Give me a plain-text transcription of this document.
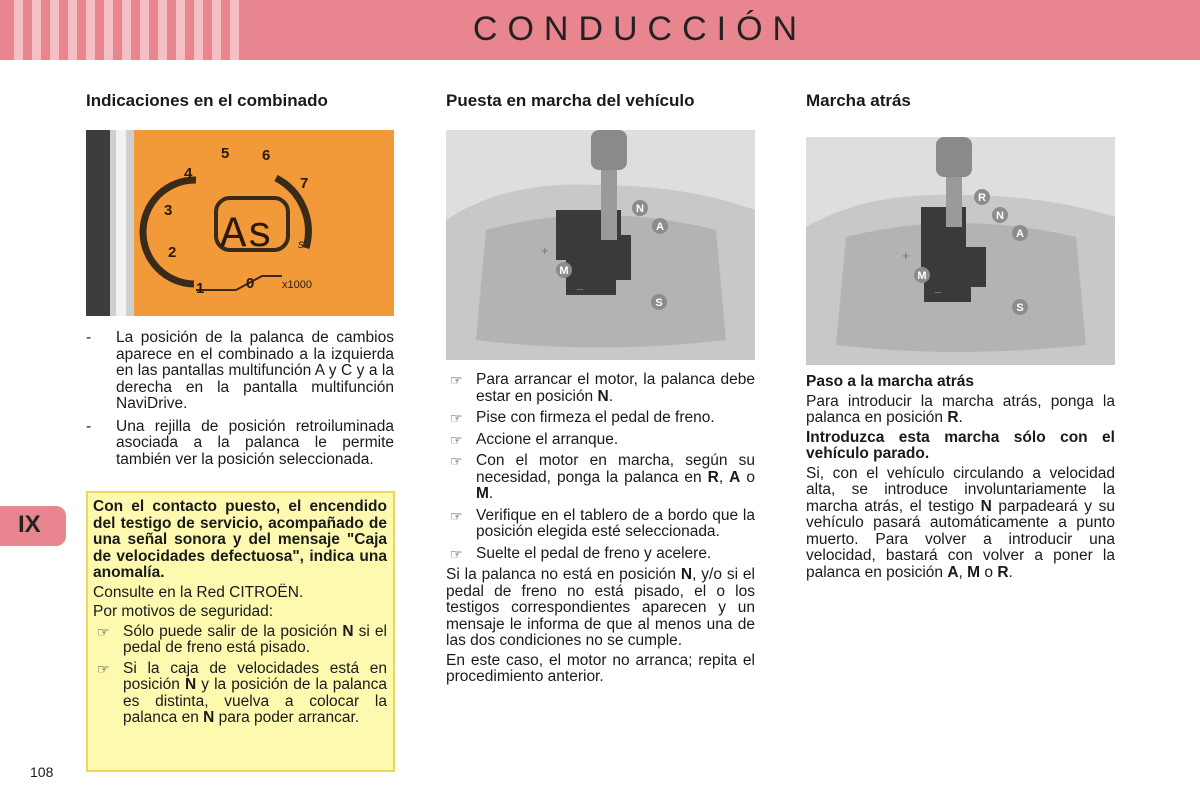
CONDUCCIÓN
IX
108
Indicaciones en el combinado	Puesta en marcha del vehículo	Marcha atrás
1
2
3
4
5 6
7
0
As s
x1000
N
A
M
S
+
−
R
N
A
M
S
+
−
- La posición de la palanca de cambios aparece en el combinado a la izquierda en las pantallas multifunción A y C y a la derecha en la pantalla multifunción NaviDrive.
- Una rejilla de posición retroiluminada asociada a la palanca le permite también ver la posición seleccionada.

Con el contacto puesto, el encendido del testigo de servicio, acompañado de una señal sonora y del mensaje "Caja de velocidades defectuosa", indica una anomalía.

Consulte en la Red CITROËN.

Por motivos de seguridad:

☞ Sólo puede salir de la posición N si el pedal de freno está pisado.
☞ Si la caja de velocidades está en posición N y la posición de la palanca es distinta, vuelva a colocar la palanca en N para poder arrancar.
☞ Para arrancar el motor, la palanca debe estar en posición N.
☞ Pise con firmeza el pedal de freno.
☞ Accione el arranque.
☞ Con el motor en marcha, según su necesidad, ponga la palanca en R, A o M.
☞ Verifique en el tablero de a bordo que la posición elegida esté seleccionada.
☞ Suelte el pedal de freno y acelere.

Si la palanca no está en posición N, y/o si el pedal de freno no está pisado, el o los testigos correspondientes aparecen y un mensaje le informa de que al menos una de las dos condiciones no se cumple.

En este caso, el motor no arranca; repita el procedimiento anterior.

Paso a la marcha atrás

Para introducir la marcha atrás, ponga la palanca en posición R.

Introduzca esta marcha sólo con el vehículo parado.

Si, con el vehículo circulando a velocidad alta, se introduce involuntariamente la marcha atrás, el testigo N parpadeará y su vehículo pasará automáticamente a punto muerto. Para volver a introducir una velocidad, bastará con volver a poner la palanca en posición A, M o R.
